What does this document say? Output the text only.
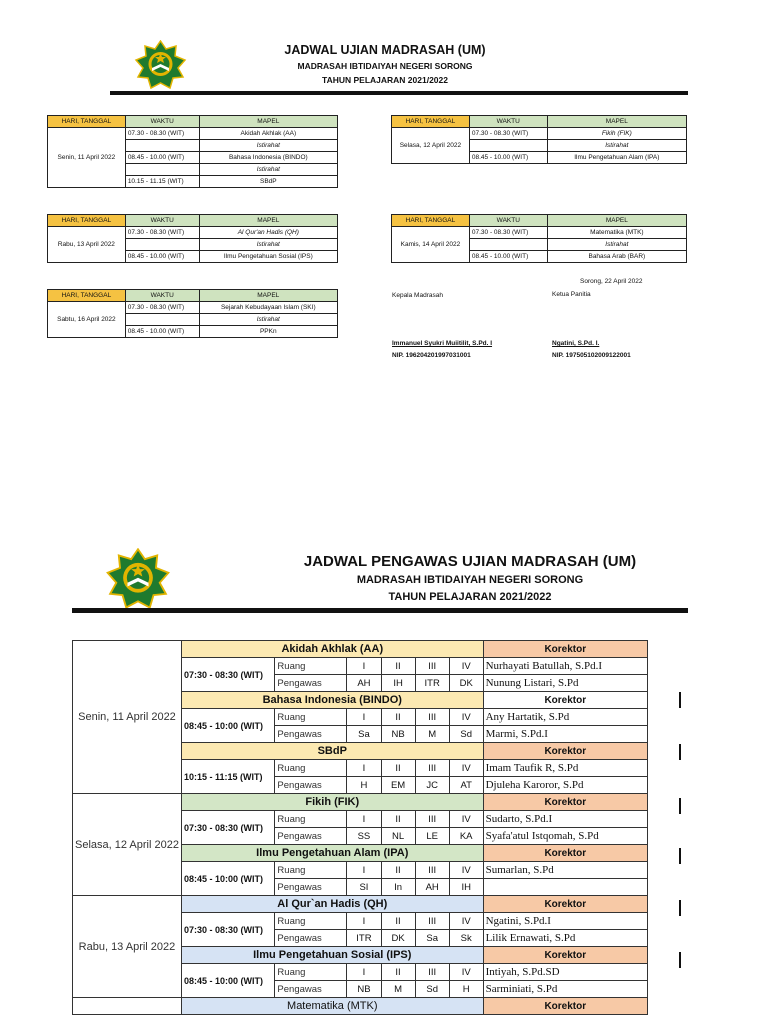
JADWAL UJIAN MADRASAH (UM)
MADRASAH IBTIDAIYAH NEGERI SORONG
TAHUN PELAJARAN 2021/2022
HARI, TANGGAL	WAKTU	MAPEL
Senin, 11 April 2022	07.30 - 08.30 (WIT)	Akidah Akhlak (AA)
		Istirahat
	08.45 - 10.00 (WIT)	Bahasa Indonesia (BINDO)
		Istirahat
	10.15 - 11.15 (WIT)	SBdP
HARI, TANGGAL	WAKTU	MAPEL
Selasa, 12 April 2022	07.30 - 08.30 (WIT)	Fikih (FIK)
		Istirahat
	08.45 - 10.00 (WIT)	Ilmu Pengetahuan Alam (IPA)
HARI, TANGGAL	WAKTU	MAPEL
Rabu, 13 April 2022	07.30 - 08.30 (WIT)	Al Qur'an Hadis (QH)
		Istirahat
	08.45 - 10.00 (WIT)	Ilmu Pengetahuan Sosial (IPS)
HARI, TANGGAL	WAKTU	MAPEL
Kamis, 14 April 2022	07.30 - 08.30 (WIT)	Matematika (MTK)
		Istirahat
	08.45 - 10.00 (WIT)	Bahasa Arab (BAR)
HARI, TANGGAL	WAKTU	MAPEL
Sabtu, 16 April 2022	07.30 - 08.30 (WIT)	Sejarah Kebudayaan Islam (SKI)
		Istirahat
	08.45 - 10.00 (WIT)	PPKn
Sorong, 22 April 2022
Kepala Madrasah	Ketua Panitia
Immanuel Syukri Muiitilit, S.Pd. I	Ngatini, S.Pd. I.
NIP. 196204201997031001	NIP. 197505102009122001
JADWAL PENGAWAS UJIAN MADRASAH (UM)
MADRASAH IBTIDAIYAH NEGERI SORONG
TAHUN PELAJARAN 2021/2022
Senin, 11 April 2022	Akidah Akhlak (AA)						Korektor
	07:30 - 08:30 (WIT)	Ruang	I	II	III	IV	Nurhayati Batullah, S.Pd.I
		Pengawas	AH	IH	ITR	DK	Nunung Listari, S.Pd
	Bahasa Indonesia (BINDO)						Korektor
	08:45 - 10:00 (WIT)	Ruang	I	II	III	IV	Any Hartatik, S.Pd
		Pengawas	Sa	NB	M	Sd	Marmi, S.Pd.I
	SBdP						Korektor
	10:15 - 11:15 (WIT)	Ruang	I	II	III	IV	Imam Taufik R, S.Pd
		Pengawas	H	EM	JC	AT	Djuleha Karoror, S.Pd
Selasa, 12 April 2022	Fikih (FIK)						Korektor
	07:30 - 08:30 (WIT)	Ruang	I	II	III	IV	Sudarto, S.Pd.I
		Pengawas	SS	NL	LE	KA	Syafa'atul Istqomah, S.Pd
	Ilmu Pengetahuan Alam (IPA)						Korektor
	08:45 - 10:00 (WIT)	Ruang	I	II	III	IV	Sumarlan, S.Pd
		Pengawas	SI	In	AH	IH	
Rabu, 13 April 2022	Al Qur`an Hadis (QH)						Korektor
	07:30 - 08:30 (WIT)	Ruang	I	II	III	IV	Ngatini, S.Pd.I
		Pengawas	ITR	DK	Sa	Sk	Lilik Ernawati, S.Pd
	Ilmu Pengetahuan Sosial (IPS)						Korektor
	08:45 - 10:00 (WIT)	Ruang	I	II	III	IV	Intiyah, S.Pd.SD
		Pengawas	NB	M	Sd	H	Sarminiati, S.Pd
	Matematika (MTK)						Korektor
